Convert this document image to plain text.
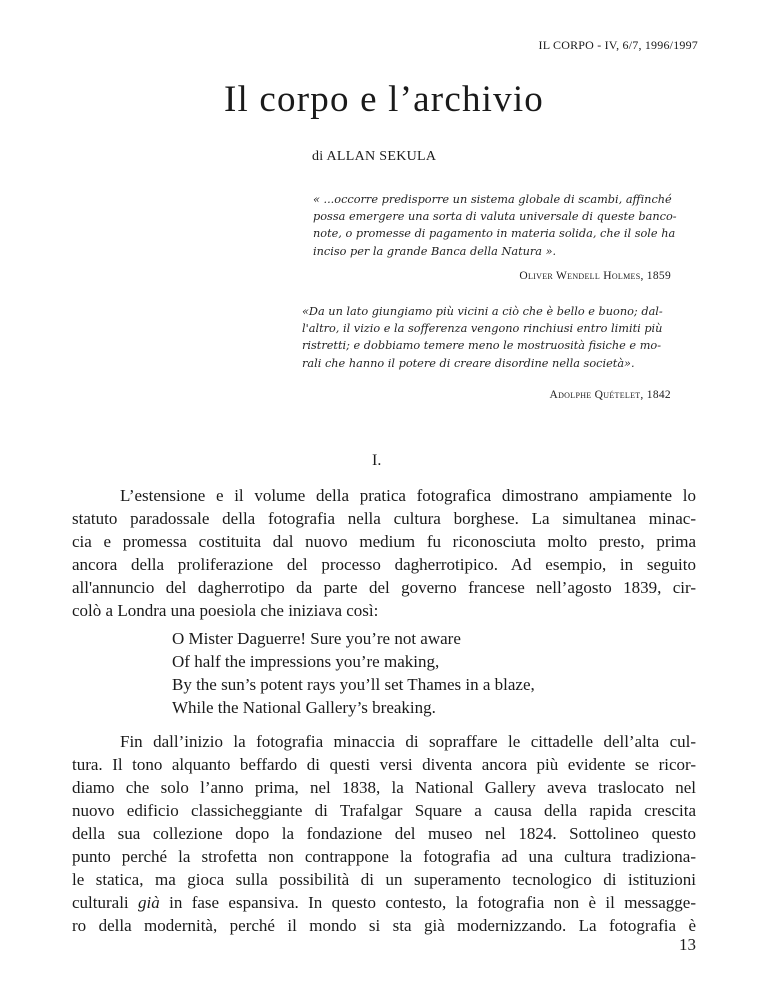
IL CORPO - IV, 6/7, 1996/1997
Il corpo e l’archivio
di ALLAN SEKULA
« ...occorre predisporre un sistema globale di scambi, affinché
possa emergere una sorta di valuta universale di queste banco-
note, o promesse di pagamento in materia solida, che il sole ha
inciso per la grande Banca della Natura ».
Oliver Wendell Holmes, 1859
«Da un lato giungiamo più vicini a ciò che è bello e buono; dal-
l'altro, il vizio e la sofferenza vengono rinchiusi entro limiti più
ristretti; e dobbiamo temere meno le mostruosità fisiche e mo-
rali che hanno il potere di creare disordine nella società».
Adolphe Quételet, 1842
I.
L’estensione e il volume della pratica fotografica dimostrano ampiamente lo
statuto paradossale della fotografia nella cultura borghese. La simultanea minac-
cia e promessa costituita dal nuovo medium fu riconosciuta molto presto, prima
ancora della proliferazione del processo dagherrotipico. Ad esempio, in seguito
all'annuncio del dagherrotipo da parte del governo francese nell’agosto 1839, cir-
colò a Londra una poesiola che iniziava così:
O Mister Daguerre! Sure you’re not aware
Of half the impressions you’re making,
By the sun’s potent rays you’ll set Thames in a blaze,
While the National Gallery’s breaking.
Fin dall’inizio la fotografia minaccia di sopraffare le cittadelle dell’alta cul-
tura. Il tono alquanto beffardo di questi versi diventa ancora più evidente se ricor-
diamo che solo l’anno prima, nel 1838, la National Gallery aveva traslocato nel
nuovo edificio classicheggiante di Trafalgar Square a causa della rapida crescita
della sua collezione dopo la fondazione del museo nel 1824. Sottolineo questo
punto perché la strofetta non contrappone la fotografia ad una cultura tradiziona-
le statica, ma gioca sulla possibilità di un superamento tecnologico di istituzioni
culturali già in fase espansiva. In questo contesto, la fotografia non è il messagge-
ro della modernità, perché il mondo si sta già modernizzando. La fotografia è
13
